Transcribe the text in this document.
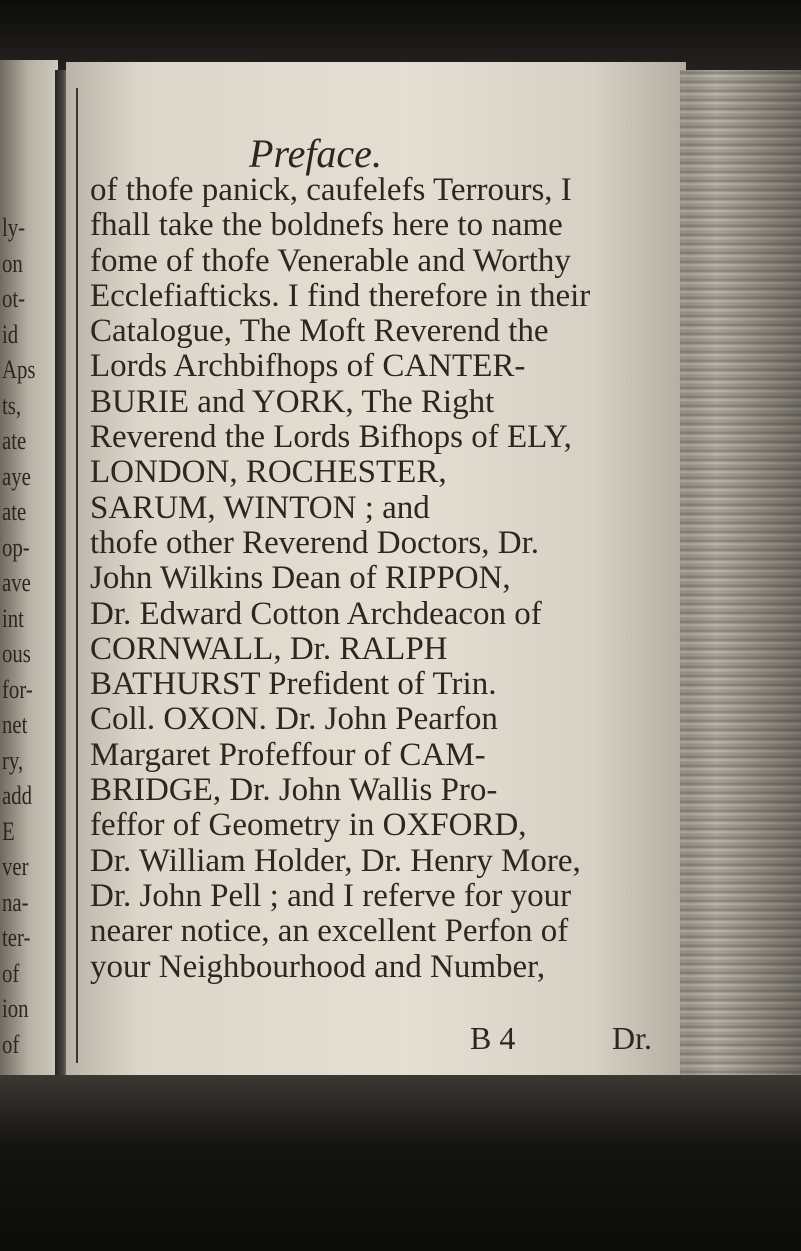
ly-
on
ot-
id
Aps
ts,
ate
aye
ate
op-
ave
int
ous
for-
net
ry,
add
E
ver
na-
ter-
of
ion
of
Preface.
of thofe panick, caufelefs Terrours, I
fhall take the boldnefs here to name
fome of thofe Venerable and Worthy
Ecclefiafticks. I find therefore in their
Catalogue, The Moft Reverend the
Lords Archbifhops of CANTER-
BURIE and YORK, The Right
Reverend the Lords Bifhops of ELY,
LONDON, ROCHESTER,
SARUM, WINTON ; and
thofe other Reverend Doctors, Dr.
John Wilkins Dean of RIPPON,
Dr. Edward Cotton Archdeacon of
CORNWALL, Dr. RALPH
BATHURST Prefident of Trin.
Coll. OXON. Dr. John Pearfon
Margaret Profeffour of CAM-
BRIDGE, Dr. John Wallis Pro-
feffor of Geometry in OXFORD,
Dr. William Holder, Dr. Henry More,
Dr. John Pell ; and I referve for your
nearer notice, an excellent Perfon of
your Neighbourhood and Number,
B 4	Dr.
